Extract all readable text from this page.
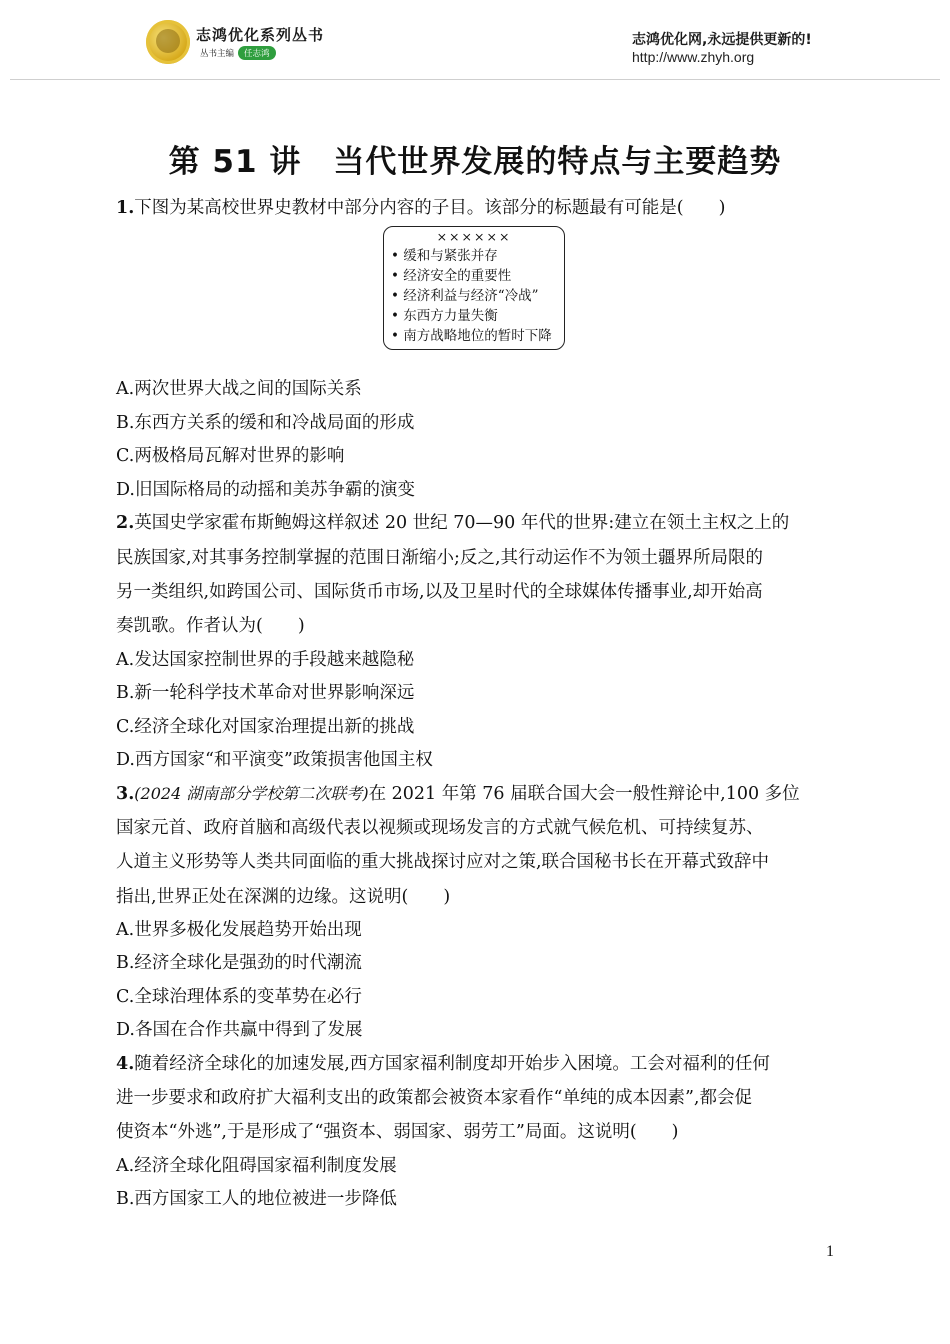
志鸿优化系列丛书
丛书主编	任志鸿
志鸿优化网,永远提供更新的!
http://www.zhyh.org
第 51 讲　当代世界发展的特点与主要趋势
1.下图为某高校世界史教材中部分内容的子目。该部分的标题最有可能是(　　)
××××××
• 缓和与紧张并存
• 经济安全的重要性
• 经济利益与经济“冷战”
• 东西方力量失衡
• 南方战略地位的暂时下降
A.两次世界大战之间的国际关系
B.东西方关系的缓和和冷战局面的形成
C.两极格局瓦解对世界的影响
D.旧国际格局的动摇和美苏争霸的演变
2.英国史学家霍布斯鲍姆这样叙述 20 世纪 70—90 年代的世界:建立在领土主权之上的
民族国家,对其事务控制掌握的范围日渐缩小;反之,其行动运作不为领土疆界所局限的
另一类组织,如跨国公司、国际货币市场,以及卫星时代的全球媒体传播事业,却开始高
奏凯歌。作者认为(　　)
A.发达国家控制世界的手段越来越隐秘
B.新一轮科学技术革命对世界影响深远
C.经济全球化对国家治理提出新的挑战
D.西方国家“和平演变”政策损害他国主权
3.(2024 湖南部分学校第二次联考)在 2021 年第 76 届联合国大会一般性辩论中,100 多位
国家元首、政府首脑和高级代表以视频或现场发言的方式就气候危机、可持续复苏、
人道主义形势等人类共同面临的重大挑战探讨应对之策,联合国秘书长在开幕式致辞中
指出,世界正处在深渊的边缘。这说明(　　)
A.世界多极化发展趋势开始出现
B.经济全球化是强劲的时代潮流
C.全球治理体系的变革势在必行
D.各国在合作共赢中得到了发展
4.随着经济全球化的加速发展,西方国家福利制度却开始步入困境。工会对福利的任何
进一步要求和政府扩大福利支出的政策都会被资本家看作“单纯的成本因素”,都会促
使资本“外逃”,于是形成了“强资本、弱国家、弱劳工”局面。这说明(　　)
A.经济全球化阻碍国家福利制度发展
B.西方国家工人的地位被进一步降低
1
